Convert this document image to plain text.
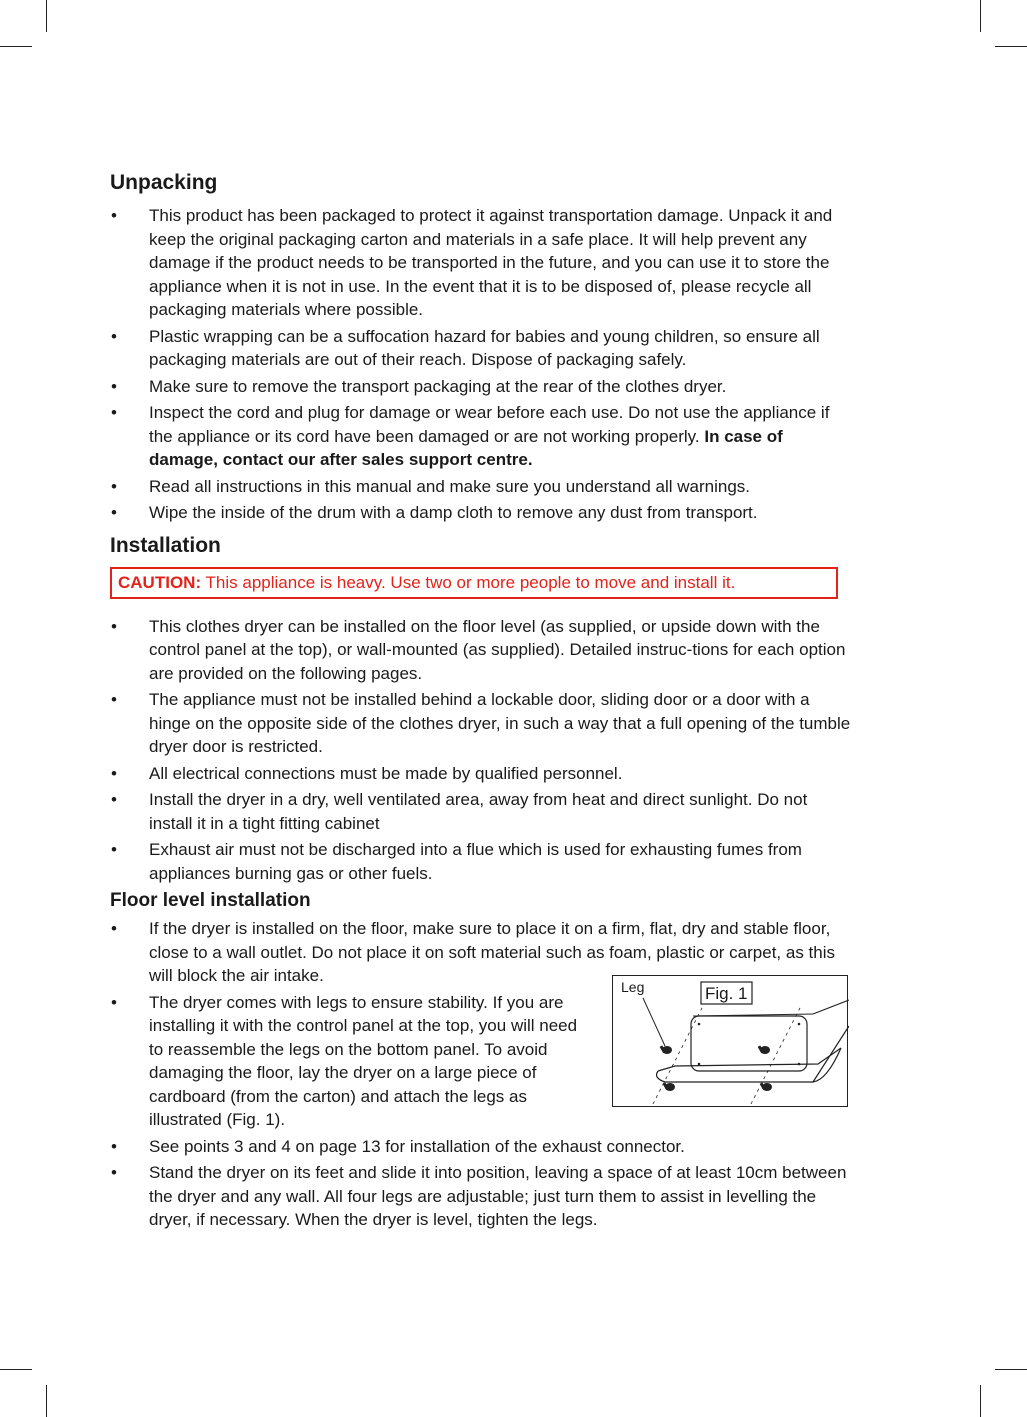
Unpacking
• This product has been packaged to protect it against transportation damage. Unpack it and keep the original packaging carton and materials in a safe place. It will help prevent any damage if the product needs to be transported in the future, and you can use it to store the appliance when it is not in use. In the event that it is to be disposed of, please recycle all packaging materials where possible.
• Plastic wrapping can be a suffocation hazard for babies and young children, so ensure all packaging materials are out of their reach. Dispose of packaging safely.
• Make sure to remove the transport packaging at the rear of the clothes dryer.
• Inspect the cord and plug for damage or wear before each use. Do not use the appliance if the appliance or its cord have been damaged or are not working properly. In case of damage, contact our after sales support centre.
• Read all instructions in this manual and make sure you understand all warnings.
• Wipe the inside of the drum with a damp cloth to remove any dust from transport.
Installation
CAUTION: This appliance is heavy. Use two or more people to move and install it.
• This clothes dryer can be installed on the floor level (as supplied, or upside down with the control panel at the top), or wall-mounted (as supplied). Detailed instruc-tions for each option are provided on the following pages.
• The appliance must not be installed behind a lockable door, sliding door or a door with a hinge on the opposite side of the clothes dryer, in such a way that a full opening of the tumble dryer door is restricted.
• All electrical connections must be made by qualified personnel.
• Install the dryer in a dry, well ventilated area, away from heat and direct sunlight. Do not install it in a tight fitting cabinet
• Exhaust air must not be discharged into a flue which is used for exhausting fumes from appliances burning gas or other fuels.
Floor level installation
• If the dryer is installed on the floor, make sure to place it on a firm, flat, dry and stable floor, close to a wall outlet. Do not place it on soft material such as foam, plastic or carpet, as this will block the air intake.
• The dryer comes with legs to ensure stability. If you are installing it with the control panel at the top, you will need to reassemble the legs on the bottom panel. To avoid damaging the floor, lay the dryer on a large piece of cardboard (from the carton) and attach the legs as illustrated (Fig. 1).
• See points 3 and 4 on page 13 for installation of the exhaust connector.
• Stand the dryer on its feet and slide it into position, leaving a space of at least 10cm between the dryer and any wall. All four legs are adjustable; just turn them to assist in levelling the dryer, if necessary. When the dryer is level, tighten the legs.
Leg	Fig. 1
